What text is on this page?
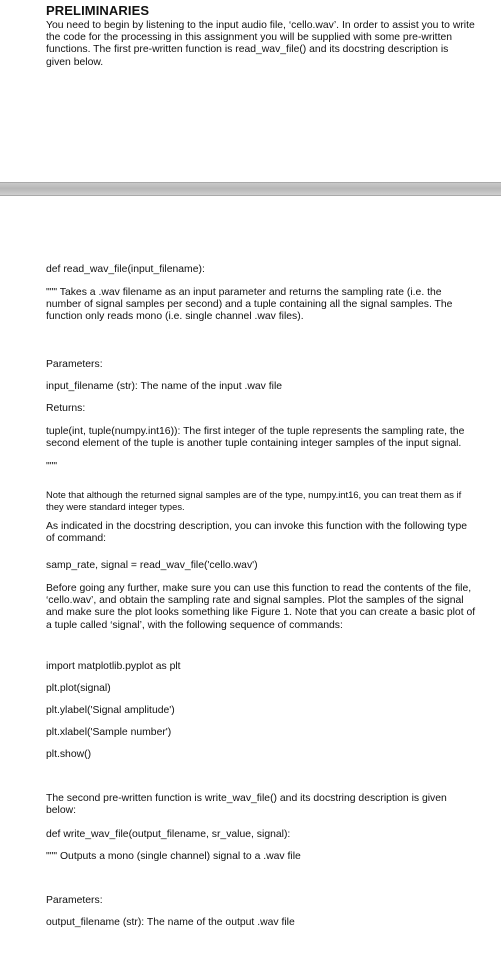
PRELIMINARIES

You need to begin by listening to the input audio file, ‘cello.wav’. In order to assist you to write the code for the processing in this assignment you will be supplied with some pre-written functions. The first pre-written function is read_wav_file() and its docstring description is given below.

def read_wav_file(input_filename):

""" Takes a .wav filename as an input parameter and returns the sampling rate (i.e. the number of signal samples per second) and a tuple containing all the signal samples. The function only reads mono (i.e. single channel .wav files).

Parameters:

input_filename (str): The name of the input .wav file

Returns:

tuple(int, tuple(numpy.int16)): The first integer of the tuple represents the sampling rate, the second element of the tuple is another tuple containing integer samples of the input signal.

"""

Note that although the returned signal samples are of the type, numpy.int16, you can treat them as if they were standard integer types.

As indicated in the docstring description, you can invoke this function with the following type of command:

samp_rate, signal = read_wav_file('cello.wav')

Before going any further, make sure you can use this function to read the contents of the file, ‘cello.wav’, and obtain the sampling rate and signal samples. Plot the samples of the signal and make sure the plot looks something like Figure 1. Note that you can create a basic plot of a tuple called ‘signal’, with the following sequence of commands:

import matplotlib.pyplot as plt

plt.plot(signal)

plt.ylabel('Signal amplitude')

plt.xlabel('Sample number')

plt.show()

The second pre-written function is write_wav_file() and its docstring description is given below:

def write_wav_file(output_filename, sr_value, signal):

""" Outputs a mono (single channel) signal to a .wav file

Parameters:

output_filename (str): The name of the output .wav file
